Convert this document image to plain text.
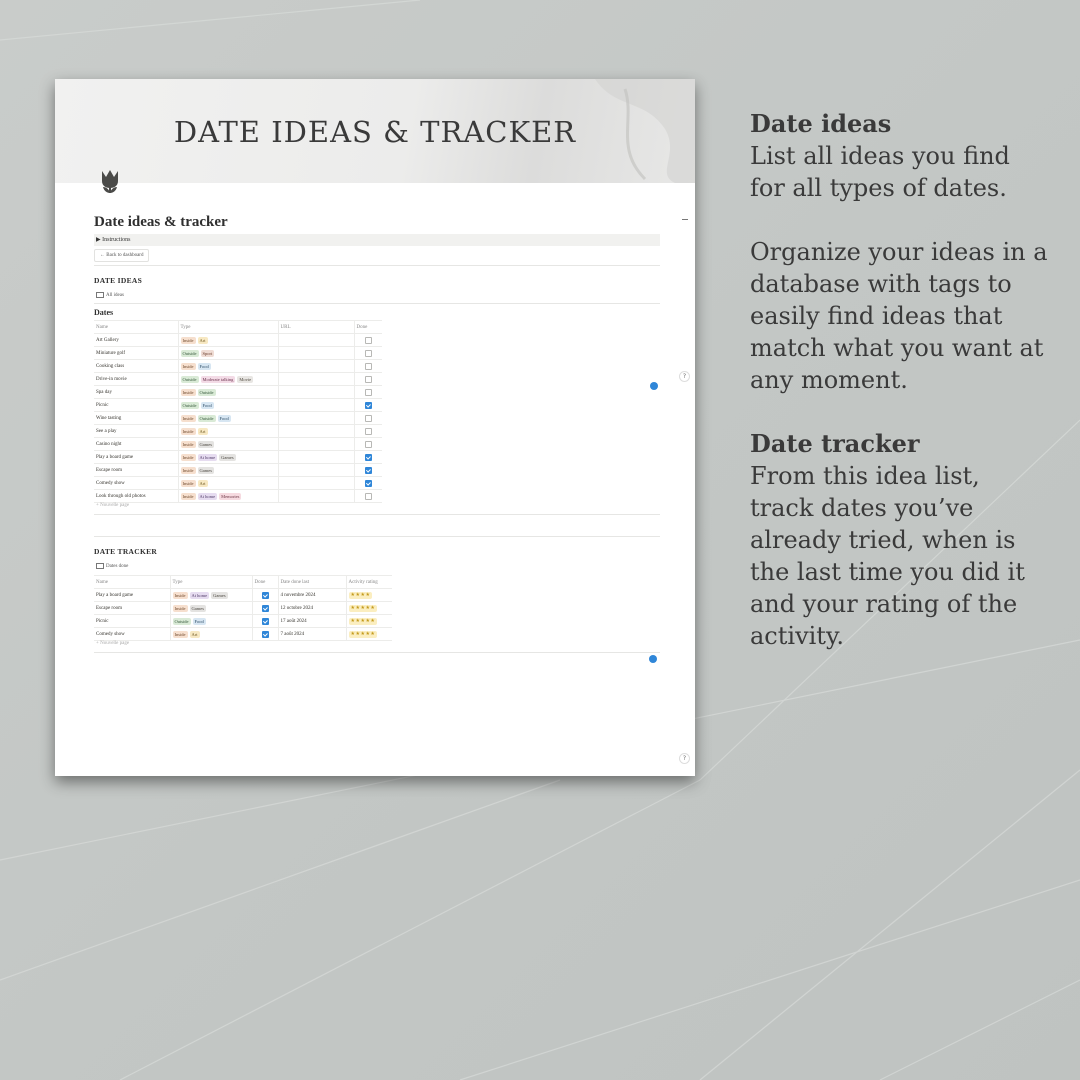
DATE IDEAS & TRACKER
Date ideas & tracker
▶ Instructions
← Back to dashboard
DATE IDEAS
All ideas
Dates
Name	Type	URL	Done
Art Gallery	Inside Art		
Miniature golf	Outside Sport		
Cooking class	Inside Food		
Drive-in movie	Outside Moderate talking Movie		
Spa day	Inside Outside		
Picnic	Outside Food		
Wine tasting	Inside Outside Food		
See a play	Inside Art		
Casino night	Inside Games		
Play a board game	Inside At home Games		
Escape room	Inside Games		
Comedy show	Inside Art		
Look through old photos	Inside At home Memories		
+ Nouvelle page
DATE TRACKER
Dates done
Name	Type	Done	Date done last	Activity rating
Play a board game	Inside At home Games		4 novembre 2024	★★★★
Escape room	Inside Games		12 octobre 2024	★★★★★
Picnic	Outside Food		17 août 2024	★★★★★
Comedy show	Inside Art		7 août 2024	★★★★★
+ Nouvelle page
?
?
Date ideas

List all ideas you find for all types of dates.

Organize your ideas in a database with tags to easily find ideas that match what you want at any moment.

Date tracker

From this idea list, track dates you’ve already tried, when is the last time you did it and your rating of the activity.
